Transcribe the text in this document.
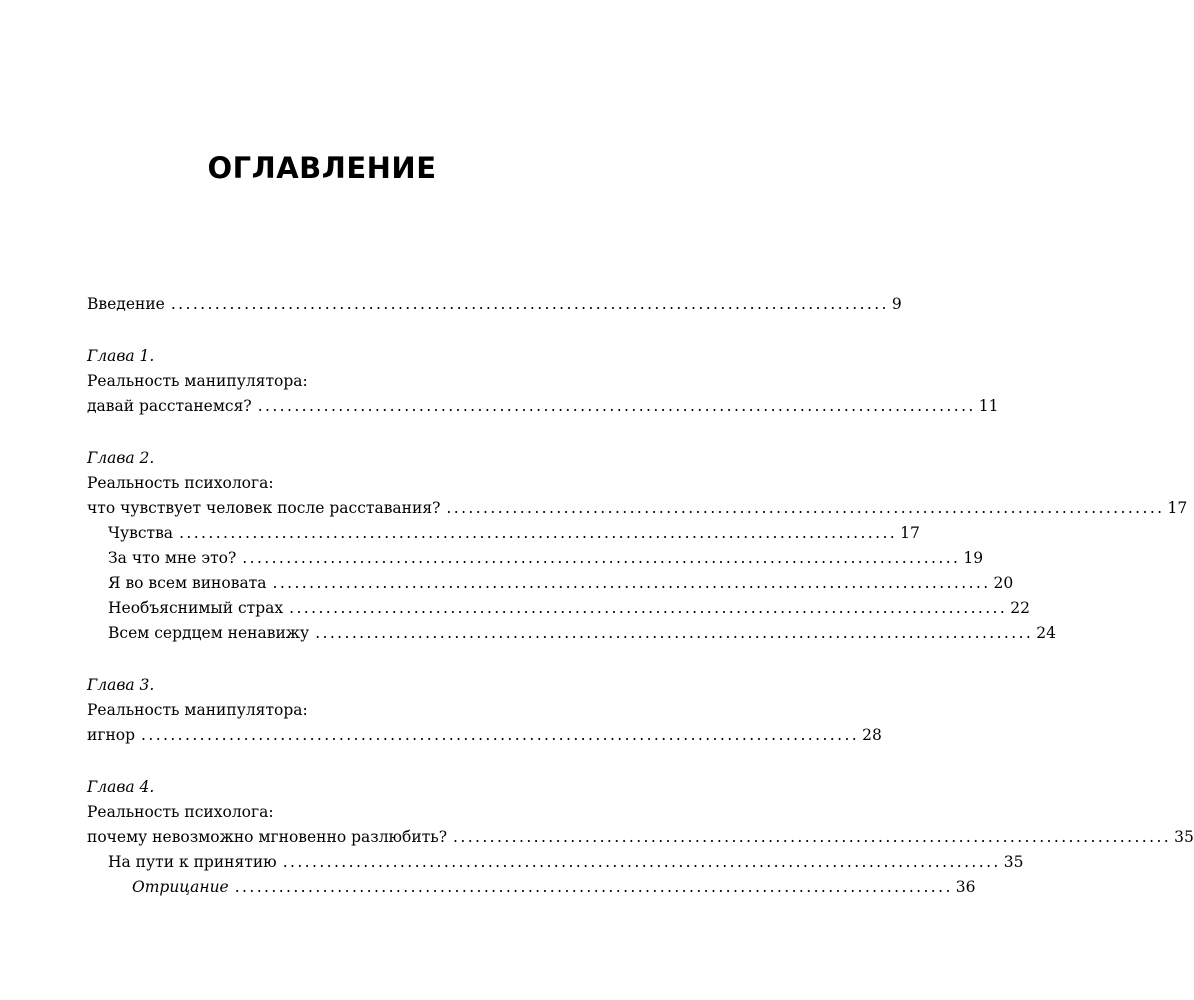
ОГЛАВЛЕНИЕ
Введение .................................................................................................. 9
Глава 1.
Реальность манипулятора:
давай расстанемся? .................................................................................................. 11
Глава 2.
Реальность психолога:
что чувствует человек после расставания? .................................................................................................. 17
Чувства .................................................................................................. 17
За что мне это? .................................................................................................. 19
Я во всем виновата .................................................................................................. 20
Необъяснимый страх .................................................................................................. 22
Всем сердцем ненавижу .................................................................................................. 24
Глава 3.
Реальность манипулятора:
игнор .................................................................................................. 28
Глава 4.
Реальность психолога:
почему невозможно мгновенно разлюбить? .................................................................................................. 35
На пути к принятию .................................................................................................. 35
Отрицание .................................................................................................. 36
